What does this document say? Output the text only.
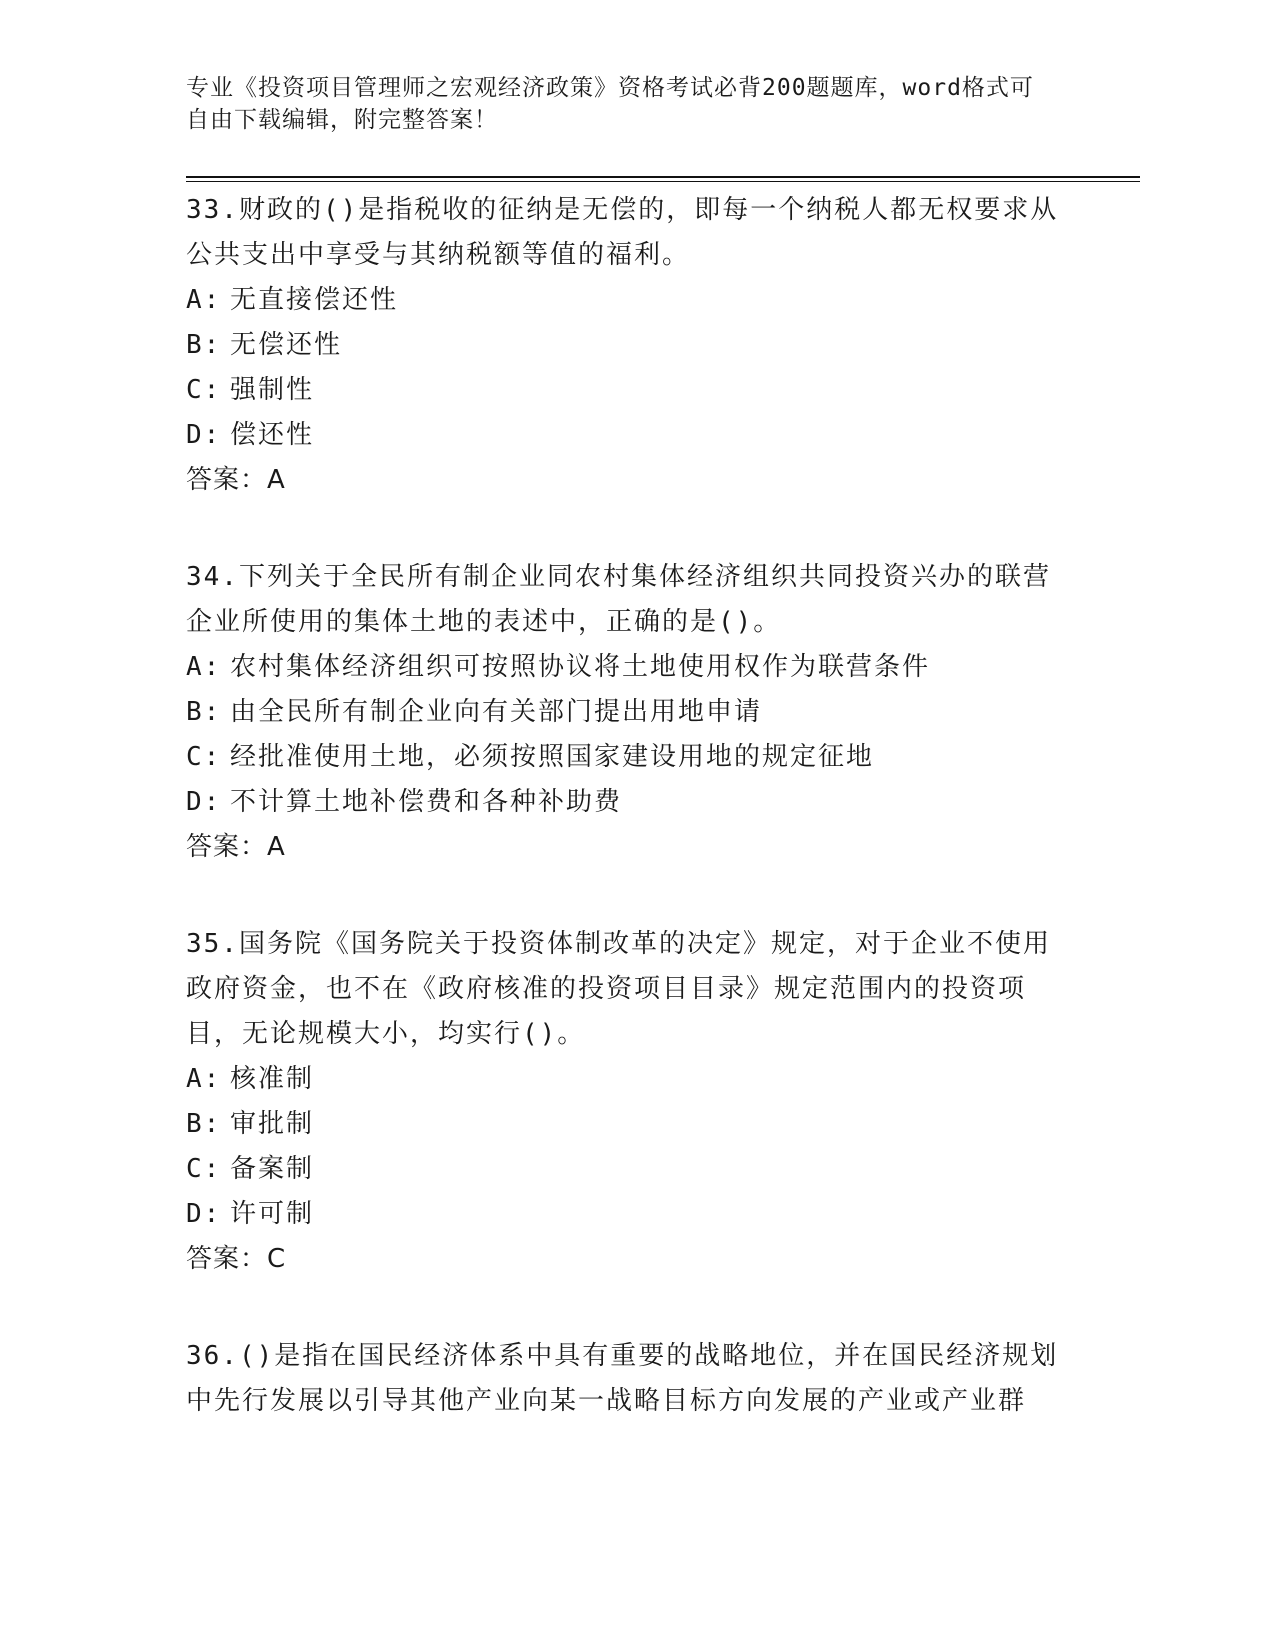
专业《投资项目管理师之宏观经济政策》资格考试必背200题题库，word格式可
自由下载编辑，附完整答案！

33.财政的()是指税收的征纳是无偿的，即每一个纳税人都无权要求从公共支出中享受与其纳税额等值的福利。

A: 无直接偿还性
B: 无偿还性
C: 强制性
D: 偿还性

答案：A

34.下列关于全民所有制企业同农村集体经济组织共同投资兴办的联营企业所使用的集体土地的表述中，正确的是()。

A: 农村集体经济组织可按照协议将土地使用权作为联营条件
B: 由全民所有制企业向有关部门提出用地申请
C: 经批准使用土地，必须按照国家建设用地的规定征地
D: 不计算土地补偿费和各种补助费

答案：A

35.国务院《国务院关于投资体制改革的决定》规定，对于企业不使用政府资金，也不在《政府核准的投资项目目录》规定范围内的投资项目，无论规模大小，均实行()。

A: 核准制
B: 审批制
C: 备案制
D: 许可制

答案：C

36.()是指在国民经济体系中具有重要的战略地位，并在国民经济规划中先行发展以引导其他产业向某一战略目标方向发展的产业或产业群
